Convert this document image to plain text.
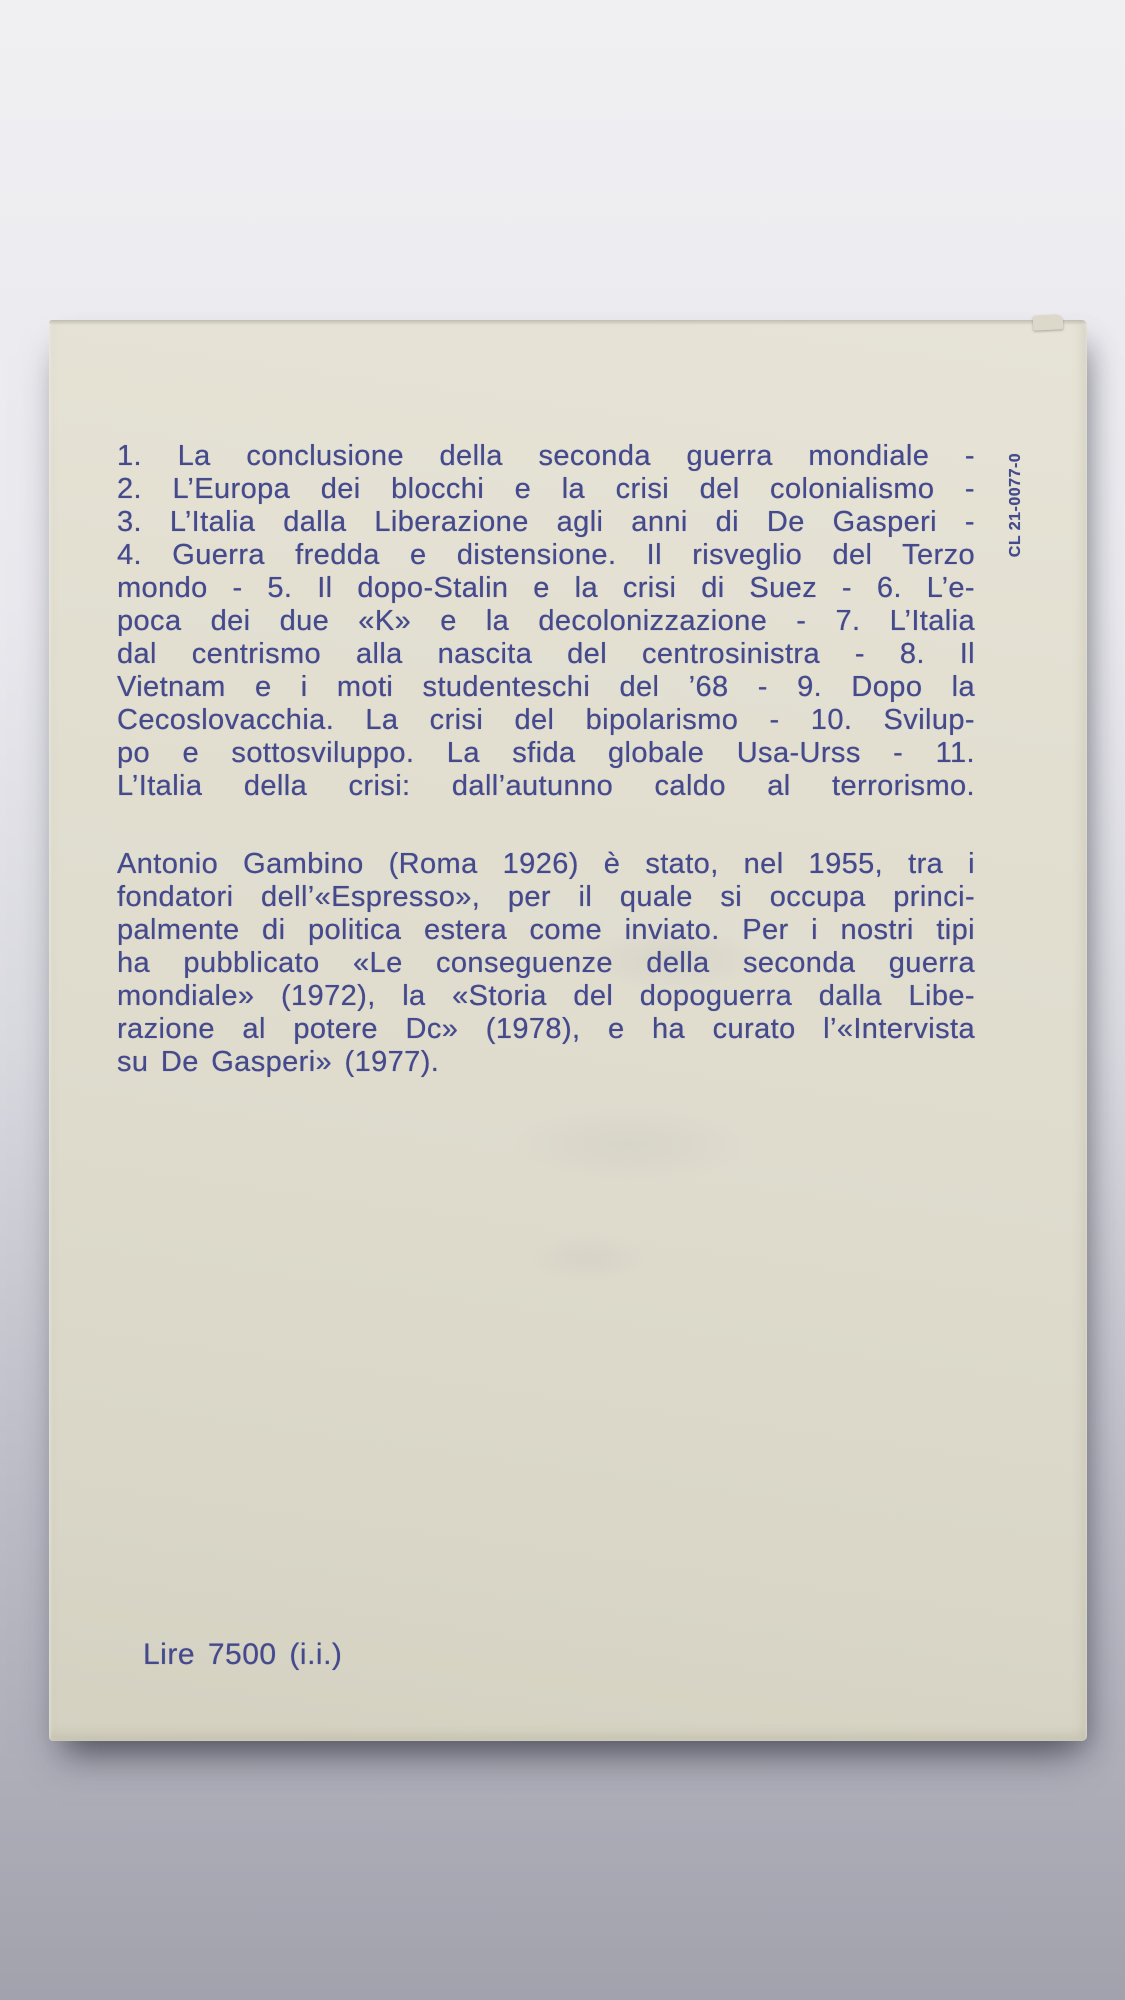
1. La conclusione della seconda guerra mondiale -
2. L’Europa dei blocchi e la crisi del colonialismo -
3. L’Italia dalla Liberazione agli anni di De Gasperi -
4. Guerra fredda e distensione. Il risveglio del Terzo
mondo - 5. Il dopo-Stalin e la crisi di Suez - 6. L’e-
poca dei due «K» e la decolonizzazione - 7. L’Italia
dal centrismo alla nascita del centrosinistra - 8. Il
Vietnam e i moti studenteschi del ’68 - 9. Dopo la
Cecoslovacchia. La crisi del bipolarismo - 10. Svilup-
po e sottosviluppo. La sfida globale Usa-Urss - 11.
L’Italia della crisi: dall’autunno caldo al terrorismo.
Antonio Gambino (Roma 1926) è stato, nel 1955, tra i
fondatori dell’«Espresso», per il quale si occupa princi-
palmente di politica estera come inviato. Per i nostri tipi
ha pubblicato «Le conseguenze della seconda guerra
mondiale» (1972), la «Storia del dopoguerra dalla Libe-
razione al potere Dc» (1978), e ha curato l’«Intervista
su De Gasperi» (1977).
CL 21-0077-0
Lire 7500 (i.i.)
